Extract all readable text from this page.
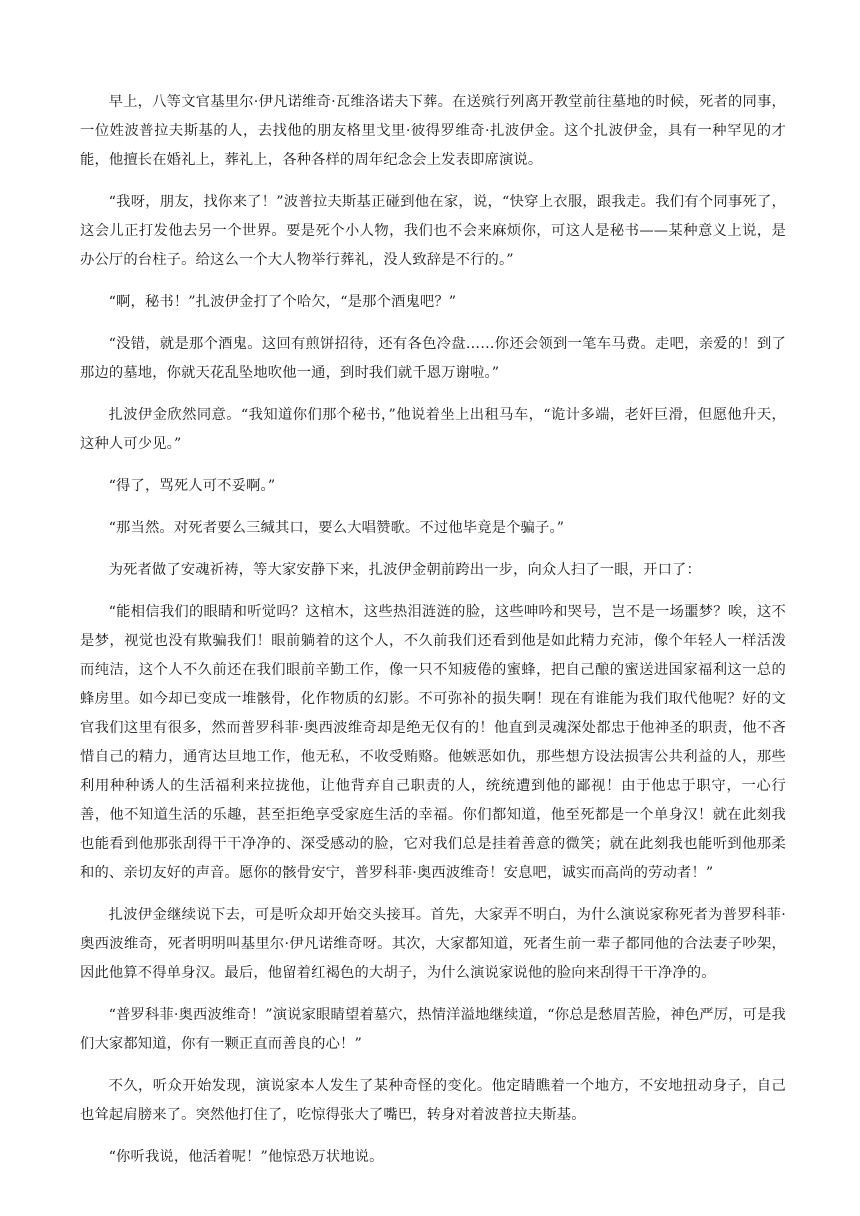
早上，八等文官基里尔·伊凡诺维奇·瓦维洛诺夫下葬。在送殡行列离开教堂前往墓地的时候，死者的同事，一位姓波普拉夫斯基的人，去找他的朋友格里戈里·彼得罗维奇·扎波伊金。这个扎波伊金，具有一种罕见的才能，他擅长在婚礼上，葬礼上，各种各样的周年纪念会上发表即席演说。

“我呀，朋友，找你来了！”波普拉夫斯基正碰到他在家，说，“快穿上衣服，跟我走。我们有个同事死了，这会儿正打发他去另一个世界。要是死个小人物，我们也不会来麻烦你，可这人是秘书——某种意义上说，是办公厅的台柱子。给这么一个大人物举行葬礼，没人致辞是不行的。”

“啊，秘书！”扎波伊金打了个哈欠，“是那个酒鬼吧？”

“没错，就是那个酒鬼。这回有煎饼招待，还有各色冷盘……你还会领到一笔车马费。走吧，亲爱的！到了那边的墓地，你就天花乱坠地吹他一通，到时我们就千恩万谢啦。”

扎波伊金欣然同意。“我知道你们那个秘书，”他说着坐上出租马车，“诡计多端，老奸巨滑，但愿他升天，这种人可少见。”

“得了，骂死人可不妥啊。”

“那当然。对死者要么三缄其口，要么大唱赞歌。不过他毕竟是个骗子。”

为死者做了安魂祈祷，等大家安静下来，扎波伊金朝前跨出一步，向众人扫了一眼，开口了：

“能相信我们的眼睛和听觉吗？这棺木，这些热泪涟涟的脸，这些呻吟和哭号，岂不是一场噩梦？唉，这不是梦，视觉也没有欺骗我们！眼前躺着的这个人，不久前我们还看到他是如此精力充沛，像个年轻人一样活泼而纯洁，这个人不久前还在我们眼前辛勤工作，像一只不知疲倦的蜜蜂，把自己酿的蜜送进国家福利这一总的蜂房里。如今却已变成一堆骸骨，化作物质的幻影。不可弥补的损失啊！现在有谁能为我们取代他呢？好的文官我们这里有很多，然而普罗科菲·奥西波维奇却是绝无仅有的！他直到灵魂深处都忠于他神圣的职责，他不吝惜自己的精力，通宵达旦地工作，他无私，不收受贿赂。他嫉恶如仇，那些想方设法损害公共利益的人，那些利用种种诱人的生活福利来拉拢他，让他背弃自己职责的人，统统遭到他的鄙视！由于他忠于职守，一心行善，他不知道生活的乐趣，甚至拒绝享受家庭生活的幸福。你们都知道，他至死都是一个单身汉！就在此刻我也能看到他那张刮得干干净净的、深受感动的脸，它对我们总是挂着善意的微笑；就在此刻我也能听到他那柔和的、亲切友好的声音。愿你的骸骨安宁，普罗科菲·奥西波维奇！安息吧，诚实而高尚的劳动者！”

扎波伊金继续说下去，可是听众却开始交头接耳。首先，大家弄不明白，为什么演说家称死者为普罗科菲·奥西波维奇，死者明明叫基里尔·伊凡诺维奇呀。其次，大家都知道，死者生前一辈子都同他的合法妻子吵架，因此他算不得单身汉。最后，他留着红褐色的大胡子，为什么演说家说他的脸向来刮得干干净净的。

“普罗科菲·奥西波维奇！”演说家眼睛望着墓穴，热情洋溢地继续道，“你总是愁眉苦脸，神色严厉，可是我们大家都知道，你有一颗正直而善良的心！”

不久，听众开始发现，演说家本人发生了某种奇怪的变化。他定睛瞧着一个地方，不安地扭动身子，自己也耸起肩膀来了。突然他打住了，吃惊得张大了嘴巴，转身对着波普拉夫斯基。

“你听我说，他活着呢！”他惊恐万状地说。
